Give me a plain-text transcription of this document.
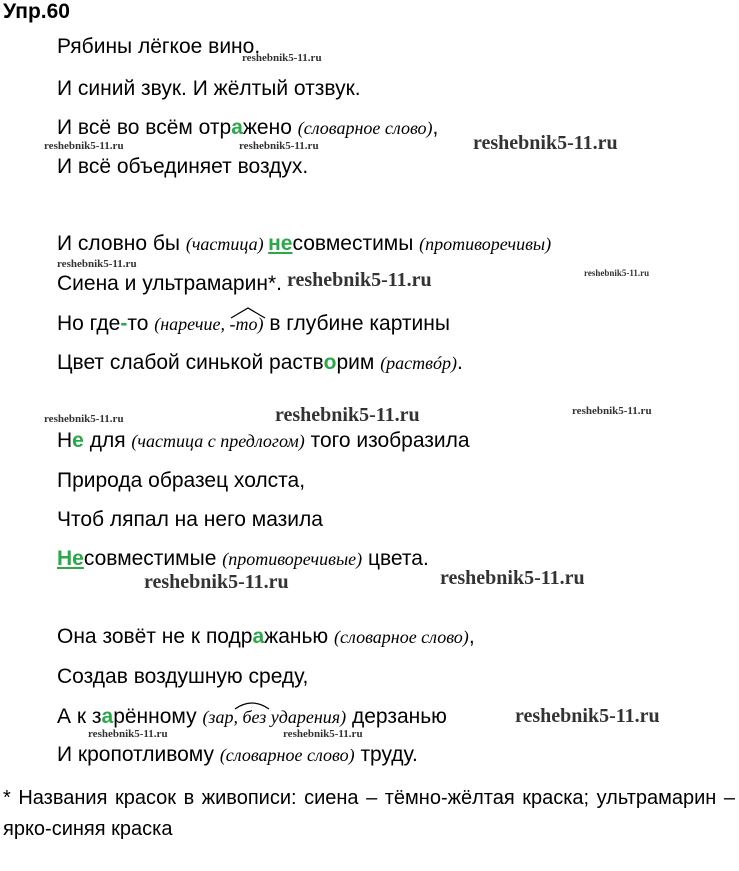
Упр.60
Рябины лёгкое вино.
И синий звук. И жёлтый отзвук.
И всё во всём отражено (словарное слово),
И всё объединяет воздух.
И словно бы (частица) несовместимы (противоречивы)
Сиена и ультрамарин*.
Но где-то (наречие, -то) в глубине картины
Цвет слабой синькой растворим (раствóр).
Не для (частица с предлогом) того изобразила
Природа образец холста,
Чтоб ляпал на него мазила
Несовместимые (противоречивые) цвета.
Она зовёт не к подражанью (словарное слово),
Создав воздушную среду,
А к зарённому (зар, без ударения) дерзанью
И кропотливому (словарное слово) труду.
reshebnik5-11.ru
reshebnik5-11.ru	reshebnik5-11.ru	reshebnik5-11.ru
reshebnik5-11.ru
reshebnik5-11.ru	reshebnik5-11.ru
reshebnik5-11.ru	reshebnik5-11.ru	reshebnik5-11.ru
reshebnik5-11.ru	reshebnik5-11.ru
reshebnik5-11.ru
reshebnik5-11.ru	reshebnik5-11.ru
* Названия красок в живописи: сиена – тёмно-жёлтая краска; ультрамарин – ярко-синяя краска
